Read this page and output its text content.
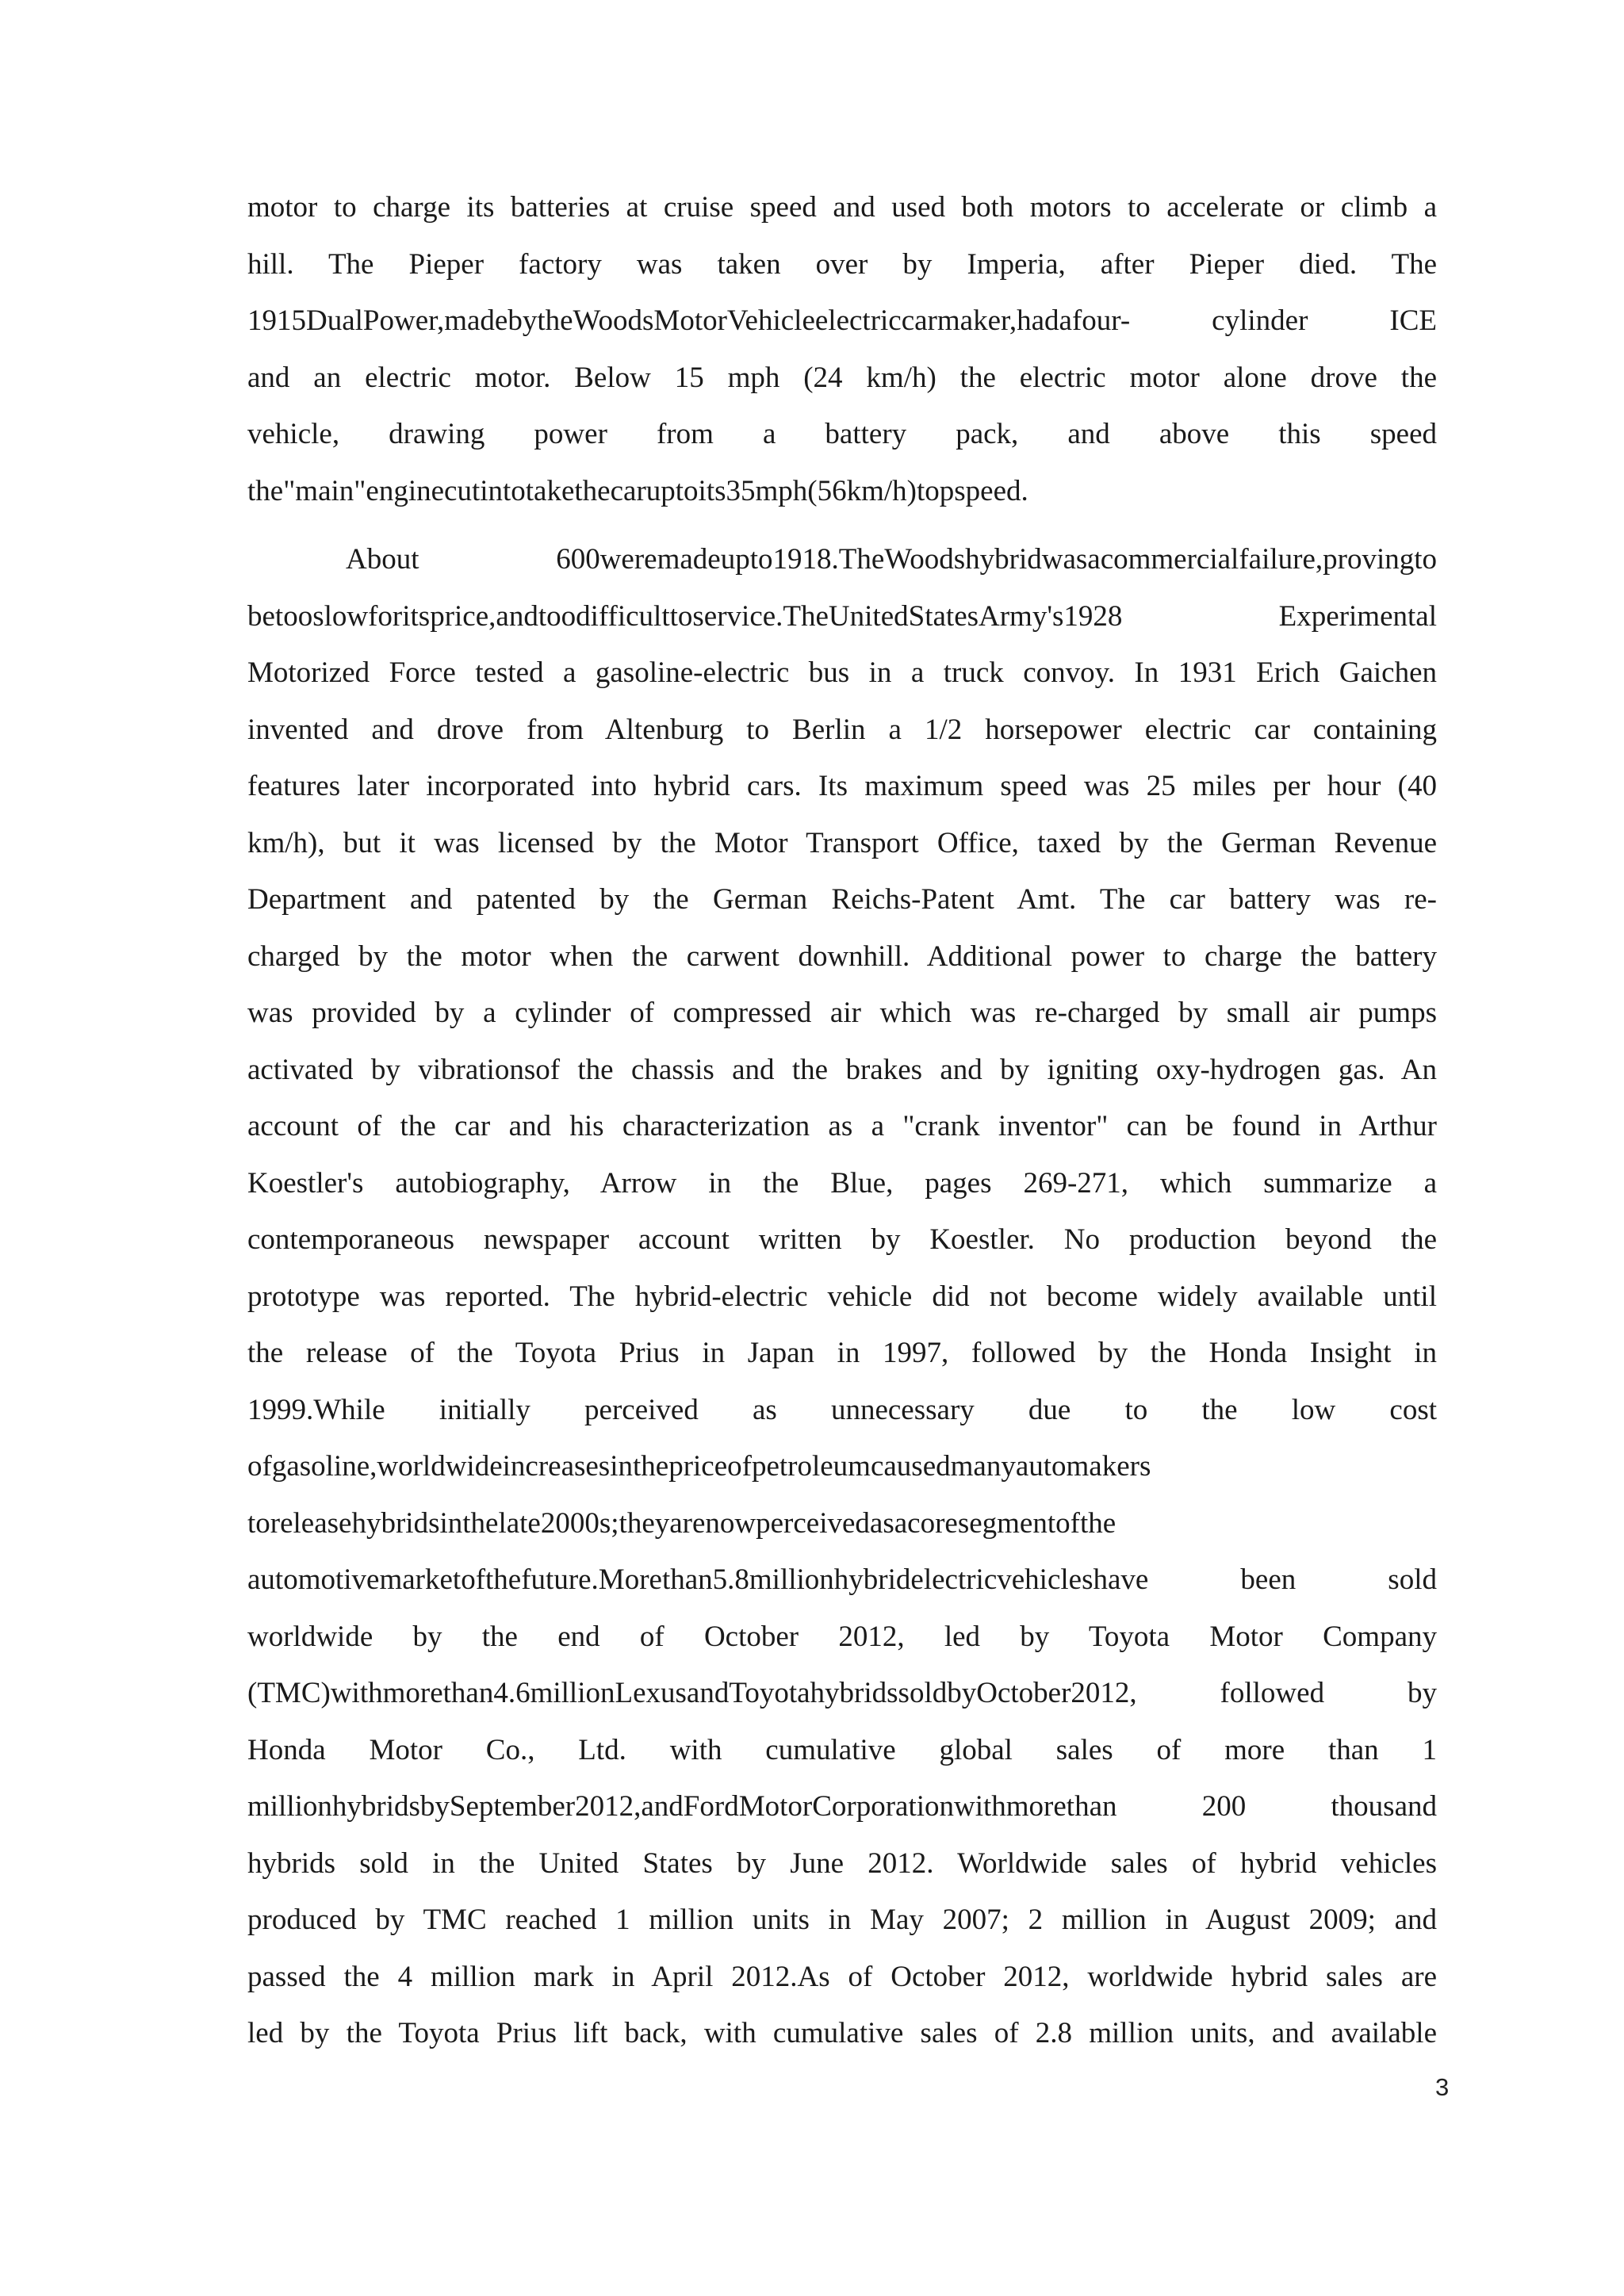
motor to charge its batteries at cruise speed and used both motors to accelerate or climb a
hill. The Pieper factory was taken over by Imperia, after Pieper died. The
1915DualPower,madebytheWoodsMotorVehicleelectriccarmaker,hadafour- cylinder ICE
and an electric motor. Below 15 mph (24 km/h) the electric motor alone drove the
vehicle, drawing power from a battery pack, and above this speed
the"main"enginecutintotakethecaruptoits35mph(56km/h)topspeed.
About 600weremadeupto1918.TheWoodshybridwasacommercialfailure,provingto
betooslowforitsprice,andtoodifficulttoservice.TheUnitedStatesArmy's1928 Experimental
Motorized Force tested a gasoline-electric bus in a truck convoy. In 1931 Erich Gaichen
invented and drove from Altenburg to Berlin a 1/2 horsepower electric car containing
features later incorporated into hybrid cars. Its maximum speed was 25 miles per hour (40
km/h), but it was licensed by the Motor Transport Office, taxed by the German Revenue
Department and patented by the German Reichs-Patent Amt. The car battery was re-
charged by the motor when the carwent downhill. Additional power to charge the battery
was provided by a cylinder of compressed air which was re-charged by small air pumps
activated by vibrationsof the chassis and the brakes and by igniting oxy-hydrogen gas. An
account of the car and his characterization as a "crank inventor" can be found in Arthur
Koestler's autobiography, Arrow in the Blue, pages 269-271, which summarize a
contemporaneous newspaper account written by Koestler. No production beyond the
prototype was reported. The hybrid-electric vehicle did not become widely available until
the release of the Toyota Prius in Japan in 1997, followed by the Honda Insight in
1999.While initially perceived as unnecessary due to the low cost
ofgasoline,worldwideincreasesinthepriceofpetroleumcausedmanyautomakers
toreleasehybridsinthelate2000s;theyarenowperceivedasacoresegmentofthe
automotivemarketofthefuture.Morethan5.8millionhybridelectricvehicleshave been sold
worldwide by the end of October 2012, led by Toyota Motor Company
(TMC)withmorethan4.6millionLexusandToyotahybridssoldbyOctober2012, followed by
Honda Motor Co., Ltd. with cumulative global sales of more than 1
millionhybridsbySeptember2012,andFordMotorCorporationwithmorethan 200 thousand
hybrids sold in the United States by June 2012. Worldwide sales of hybrid vehicles
produced by TMC reached 1 million units in May 2007; 2 million in August 2009; and
passed the 4 million mark in April 2012.As of October 2012, worldwide hybrid sales are
led by the Toyota Prius lift back, with cumulative sales of 2.8 million units, and available
3
